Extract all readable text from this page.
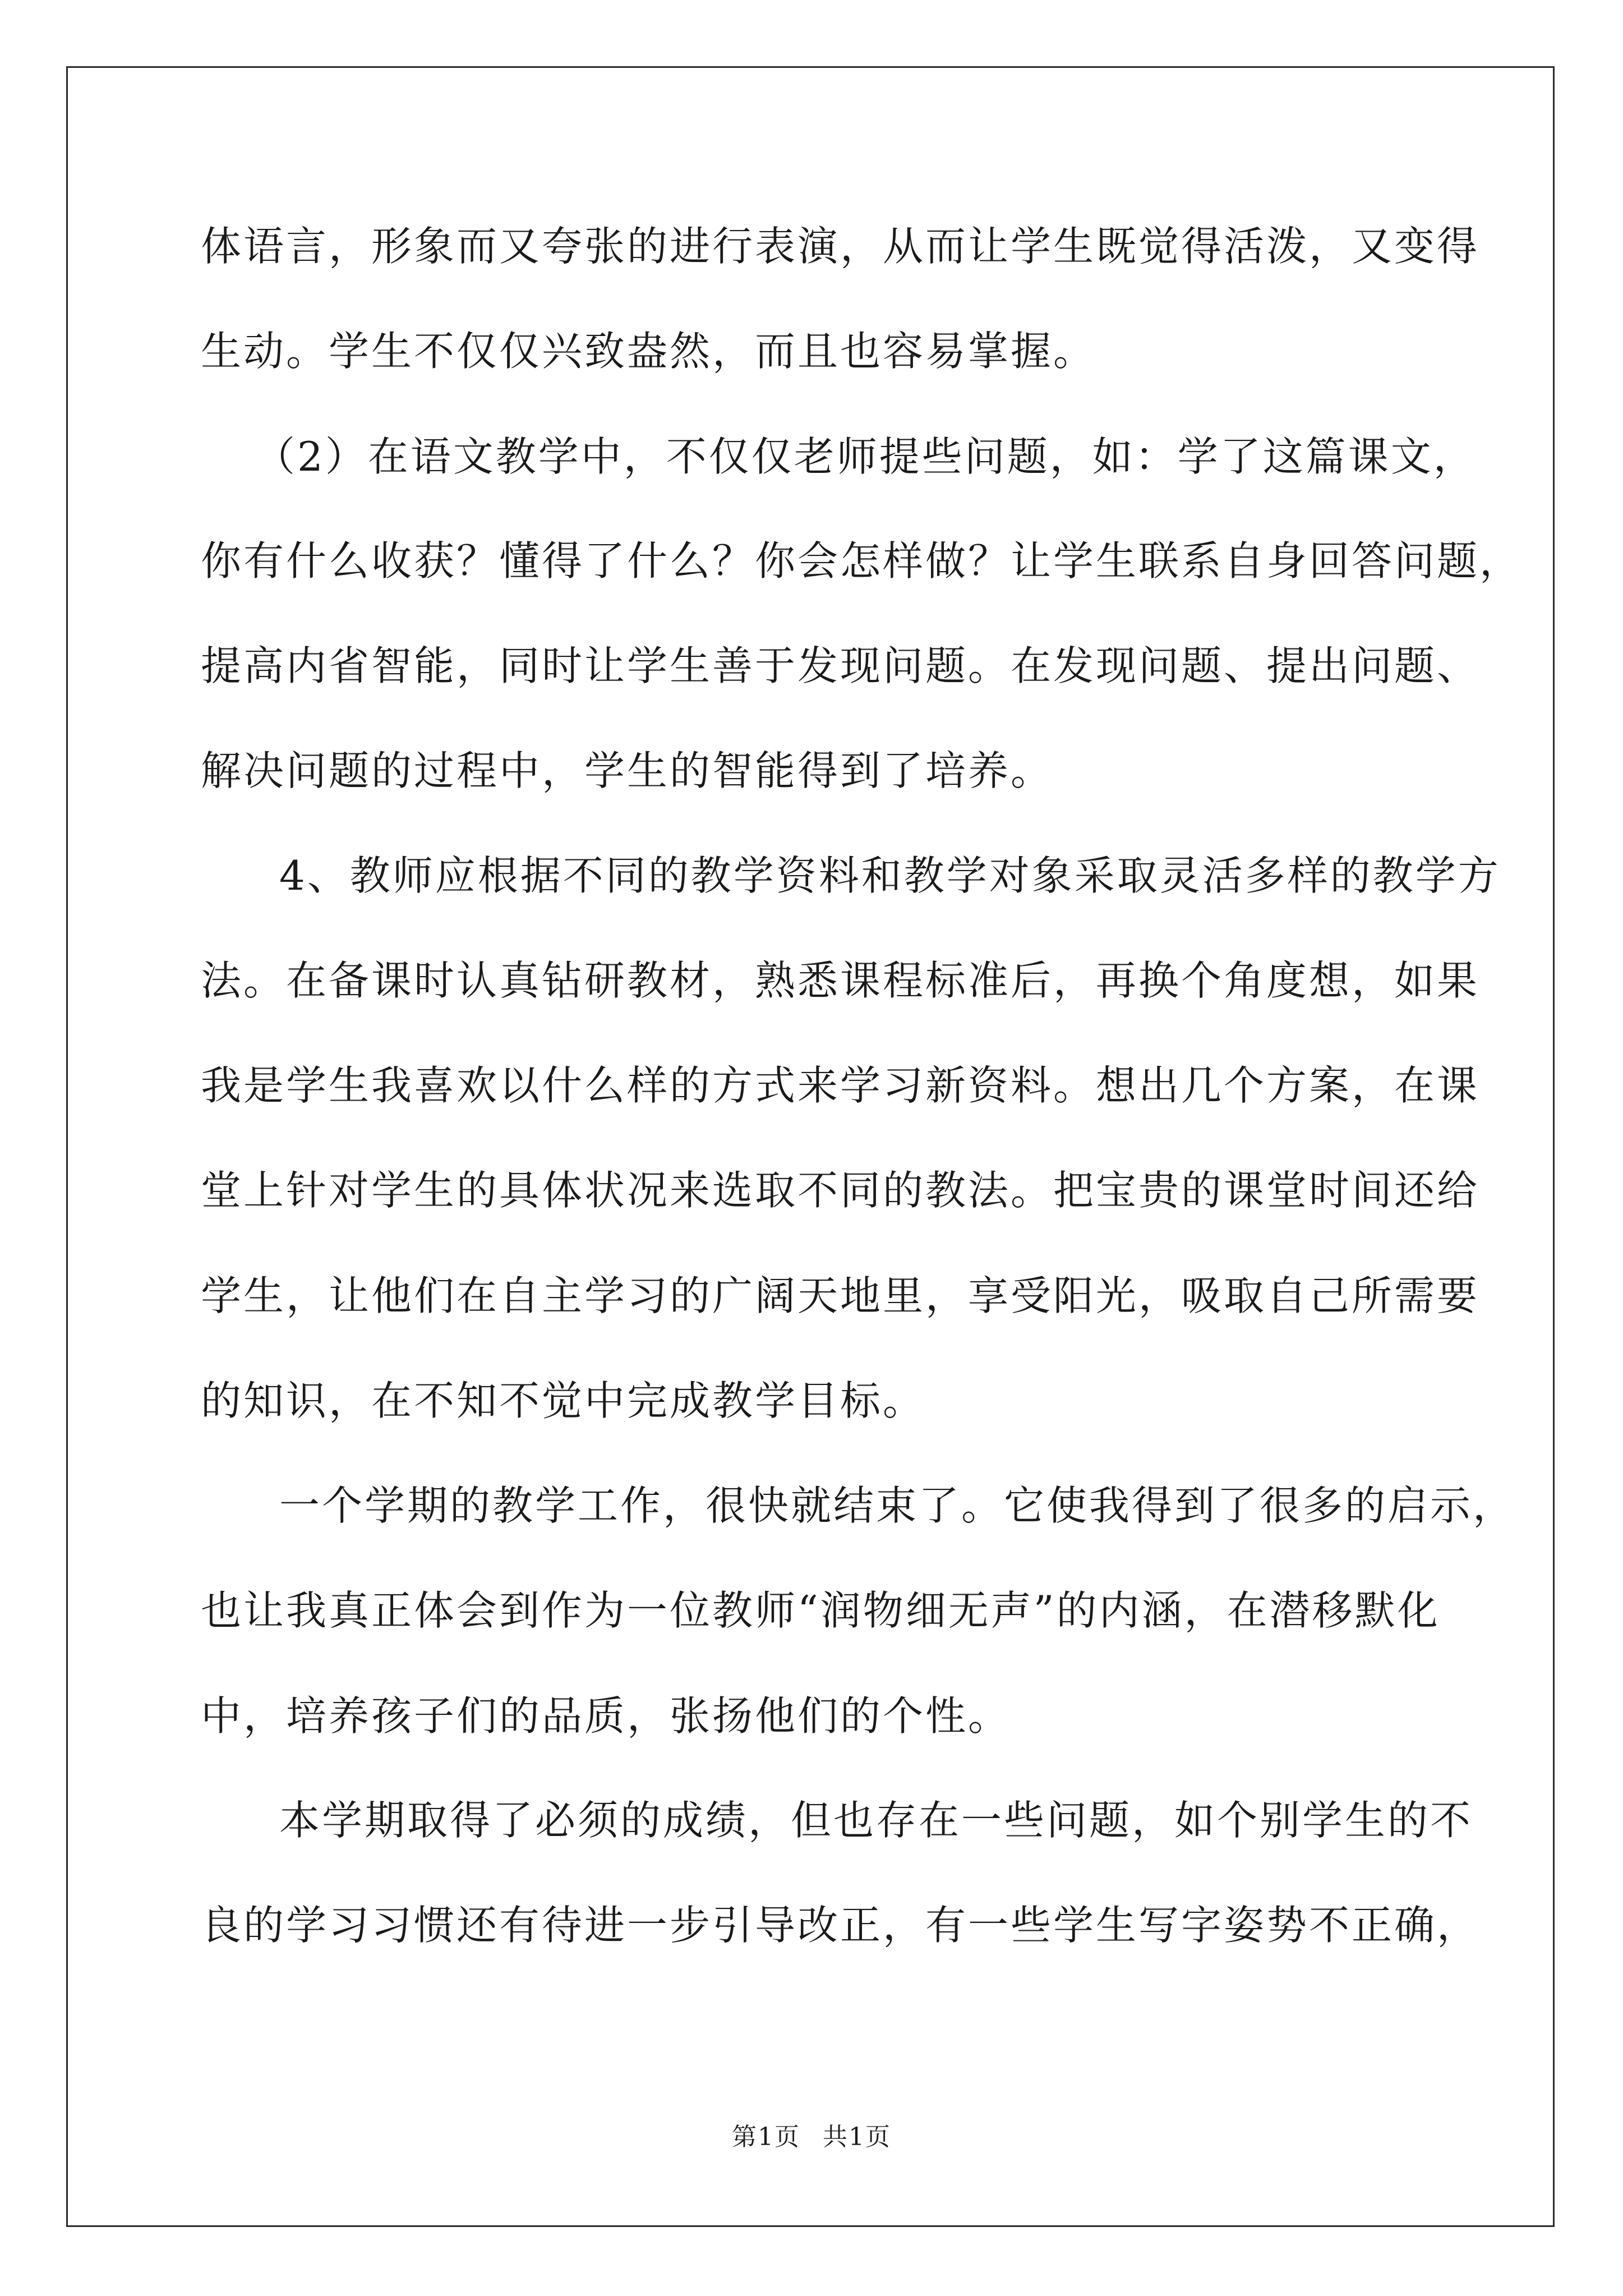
体语言，形象而又夸张的进行表演，从而让学生既觉得活泼，又变得
生动。学生不仅仅兴致盎然，而且也容易掌握。
（2）在语文教学中，不仅仅老师提些问题，如：学了这篇课文，
你有什么收获？懂得了什么？你会怎样做？让学生联系自身回答问题，
提高内省智能，同时让学生善于发现问题。在发现问题、提出问题、
解决问题的过程中，学生的智能得到了培养。
4、教师应根据不同的教学资料和教学对象采取灵活多样的教学方
法。在备课时认真钻研教材，熟悉课程标准后，再换个角度想，如果
我是学生我喜欢以什么样的方式来学习新资料。想出几个方案，在课
堂上针对学生的具体状况来选取不同的教法。把宝贵的课堂时间还给
学生，让他们在自主学习的广阔天地里，享受阳光，吸取自己所需要
的知识，在不知不觉中完成教学目标。
一个学期的教学工作，很快就结束了。它使我得到了很多的启示，
也让我真正体会到作为一位教师“润物细无声”的内涵，在潜移默化
中，培养孩子们的品质，张扬他们的个性。
本学期取得了必须的成绩，但也存在一些问题，如个别学生的不
良的学习习惯还有待进一步引导改正，有一些学生写字姿势不正确，
第1页 共1页
